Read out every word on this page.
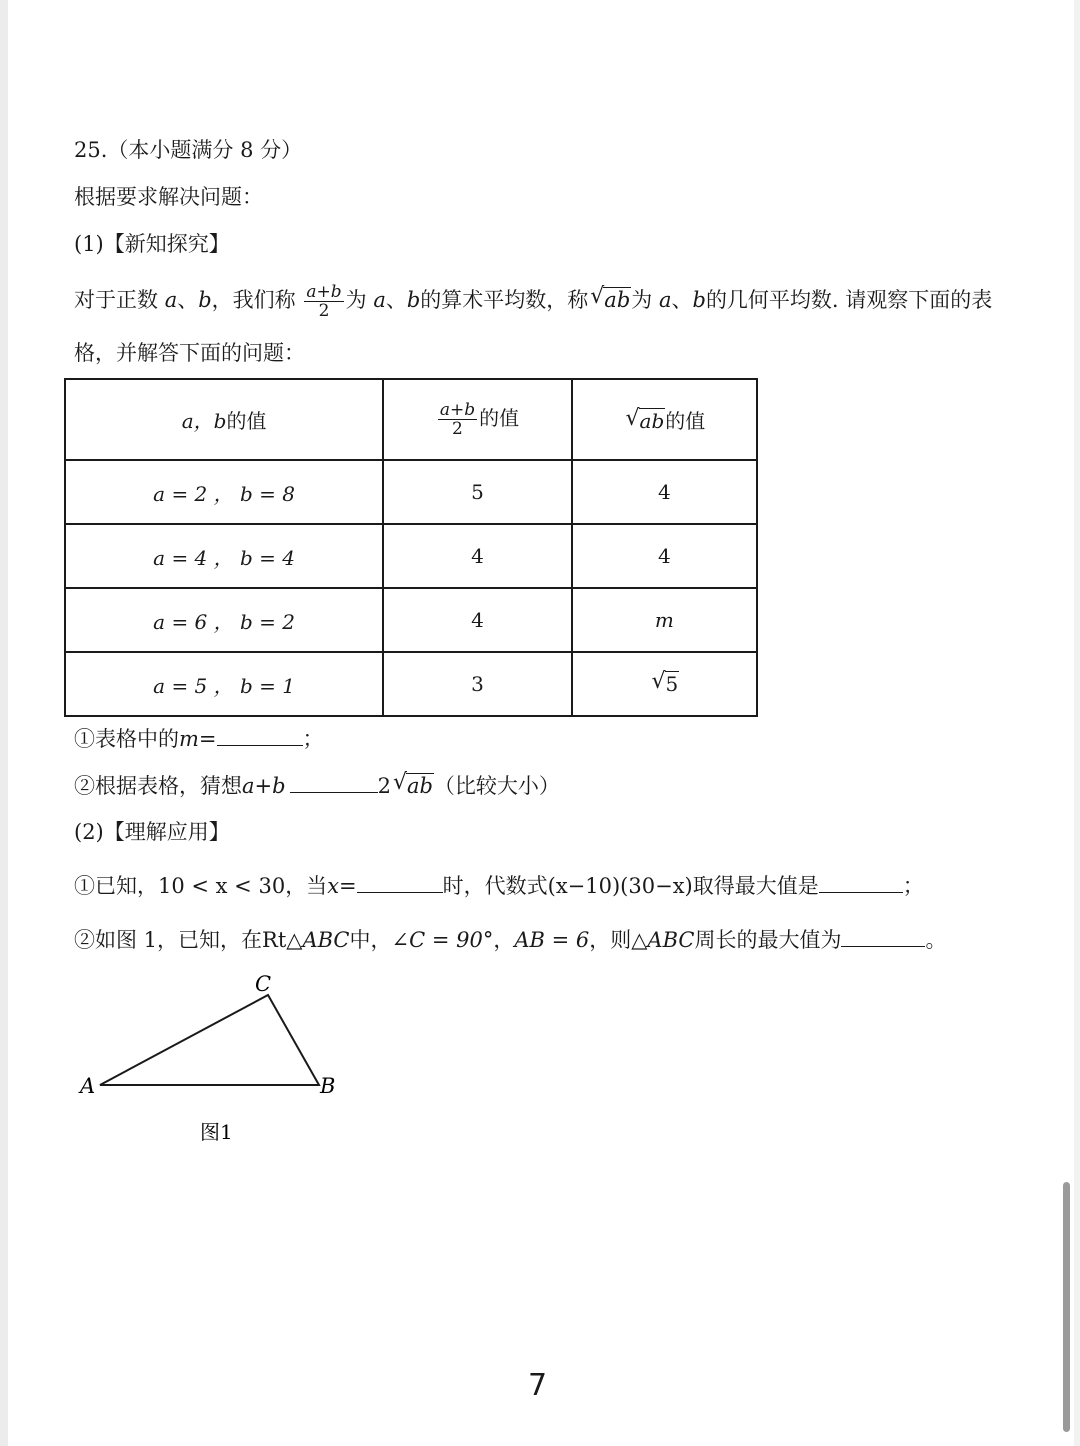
25.（本小题满分 8 分）
根据要求解决问题：
(1)【新知探究】
对于正数 a、b，我们称 $\frac{a+b}{2}$ 为 a、b的算术平均数，称 √ ab为 a、b的几何平均数. 请观察下面的表
格，并解答下面的问题：
a，b的值	$\frac{a+b}{2}$ 的值	√ ab的值
a = 2 ， b = 8	5	4
a = 4 ， b = 4	4	4
a = 6 ， b = 2	4	m
a = 5 ， b = 1	3	√ 5
①表格中的m=	；
②根据表格，猜想a+b	2 √ ab（比较大小）
(2)【理解应用】
①已知，10 < x < 30，当x=	时，代数式(x−10)(30−x)取得最大值是	；
②如图 1，已知，在Rt△ABC中，∠C = 90°，AB = 6，则△ABC周长的最大值为	。
A	B
C
图1
7
